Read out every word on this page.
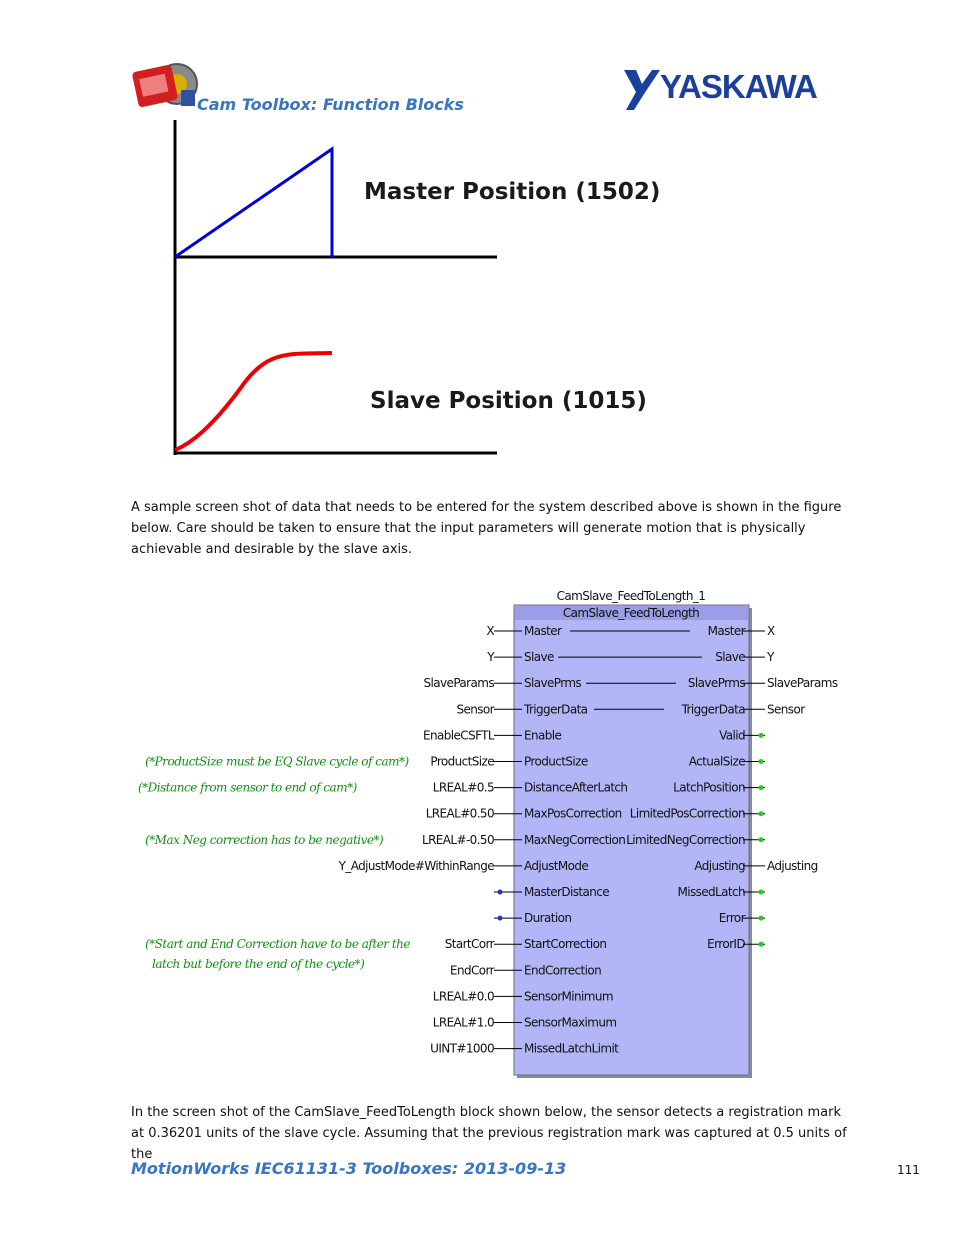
Cam Toolbox: Function Blocks	YASKAWA
Master Position (1502)
Slave Position (1015)
A sample screen shot of data that needs to be entered for the system described above is shown in the figure below. Care should be taken to ensure that the input parameters will generate motion that is physically achievable and desirable by the slave axis.
CamSlave_FeedToLength_1
CamSlave_FeedToLength
Master
X
Slave
Y
SlavePrms
SlaveParams
TriggerData
Sensor
Enable
EnableCSFTL
ProductSize
ProductSize
DistanceAfterLatch
LREAL#0.5
MaxPosCorrection
LREAL#0.50
MaxNegCorrection
LREAL#-0.50
AdjustMode
Y_AdjustMode#WithinRange
MasterDistance
Duration
StartCorrection
StartCorr
EndCorrection
EndCorr
SensorMinimum
LREAL#0.0
SensorMaximum
LREAL#1.0
MissedLatchLimit
UINT#1000
Master X
Slave Y
SlavePrms SlaveParams
TriggerData Sensor
Valid
ActualSize
LatchPosition
LimitedPosCorrection
LimitedNegCorrection
Adjusting Adjusting
MissedLatch
Error
ErrorID
(*ProductSize must be EQ Slave cycle of cam*)
(*Distance from sensor to end of cam*)
(*Max Neg correction has to be negative*)
(*Start and End Correction have to be after the
latch but before the end of the cycle*)
In the screen shot of the CamSlave_FeedToLength block shown below, the sensor detects a registration mark at 0.36201 units of the slave cycle. Assuming that the previous registration mark was captured at 0.5 units of the
MotionWorks IEC61131-3 Toolboxes: 2013-09-13	111
